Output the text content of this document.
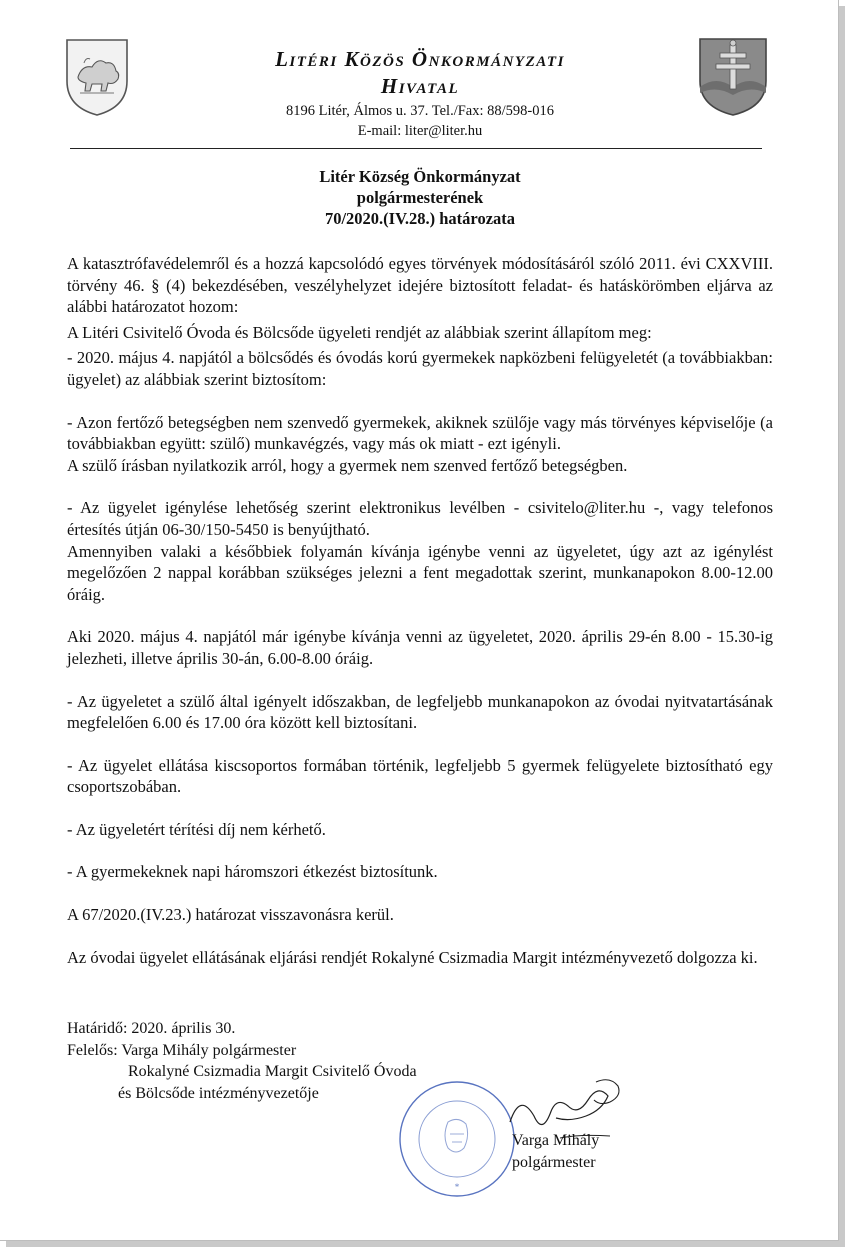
Litéri Közös Önkormányzati
Hivatal
8196 Litér, Álmos u. 37. Tel./Fax: 88/598-016
E-mail: liter@liter.hu
Litér Község Önkormányzat
polgármesterének
70/2020.(IV.28.) határozata

A katasztrófavédelemről és a hozzá kapcsolódó egyes törvények módosításáról szóló 2011. évi CXXVIII. törvény 46. § (4) bekezdésében, veszélyhelyzet idejére biztosított feladat- és hatáskörömben eljárva az alábbi határozatot hozom:

A Litéri Csivitelő Óvoda és Bölcsőde ügyeleti rendjét az alábbiak szerint állapítom meg:

- 2020. május 4. napjától a bölcsődés és óvodás korú gyermekek napközbeni felügyeletét (a továbbiakban: ügyelet) az alábbiak szerint biztosítom:

- Azon fertőző betegségben nem szenvedő gyermekek, akiknek szülője vagy más törvényes képviselője (a továbbiakban együtt: szülő) munkavégzés, vagy más ok miatt - ezt igényli.

A szülő írásban nyilatkozik arról, hogy a gyermek nem szenved fertőző betegségben.

- Az ügyelet igénylése lehetőség szerint elektronikus levélben - csivitelo@liter.hu -, vagy telefonos értesítés útján 06-30/150-5450 is benyújtható.

Amennyiben valaki a későbbiek folyamán kívánja igénybe venni az ügyeletet, úgy azt az igénylést megelőzően 2 nappal korábban szükséges jelezni a fent megadottak szerint, munkanapokon 8.00-12.00 óráig.

Aki 2020. május 4. napjától már igénybe kívánja venni az ügyeletet, 2020. április 29-én 8.00 - 15.30-ig jelezheti, illetve április 30-án, 6.00-8.00 óráig.

- Az ügyeletet a szülő által igényelt időszakban, de legfeljebb munkanapokon az óvodai nyitvatartásának megfelelően 6.00 és 17.00 óra között kell biztosítani.

- Az ügyelet ellátása kiscsoportos formában történik, legfeljebb 5 gyermek felügyelete biztosítható egy csoportszobában.

- Az ügyeletért térítési díj nem kérhető.

- A gyermekeknek napi háromszori étkezést biztosítunk.

A 67/2020.(IV.23.) határozat visszavonásra kerül.

Az óvodai ügyelet ellátásának eljárási rendjét Rokalyné Csizmadia Margit intézményvezető dolgozza ki.

Határidő: 2020. április 30.
Felelős: Varga Mihály polgármester
Rokalyné Csizmadia Margit Csivitelő Óvoda
és Bölcsőde intézményvezetője
*
Varga Mihály
polgármester
